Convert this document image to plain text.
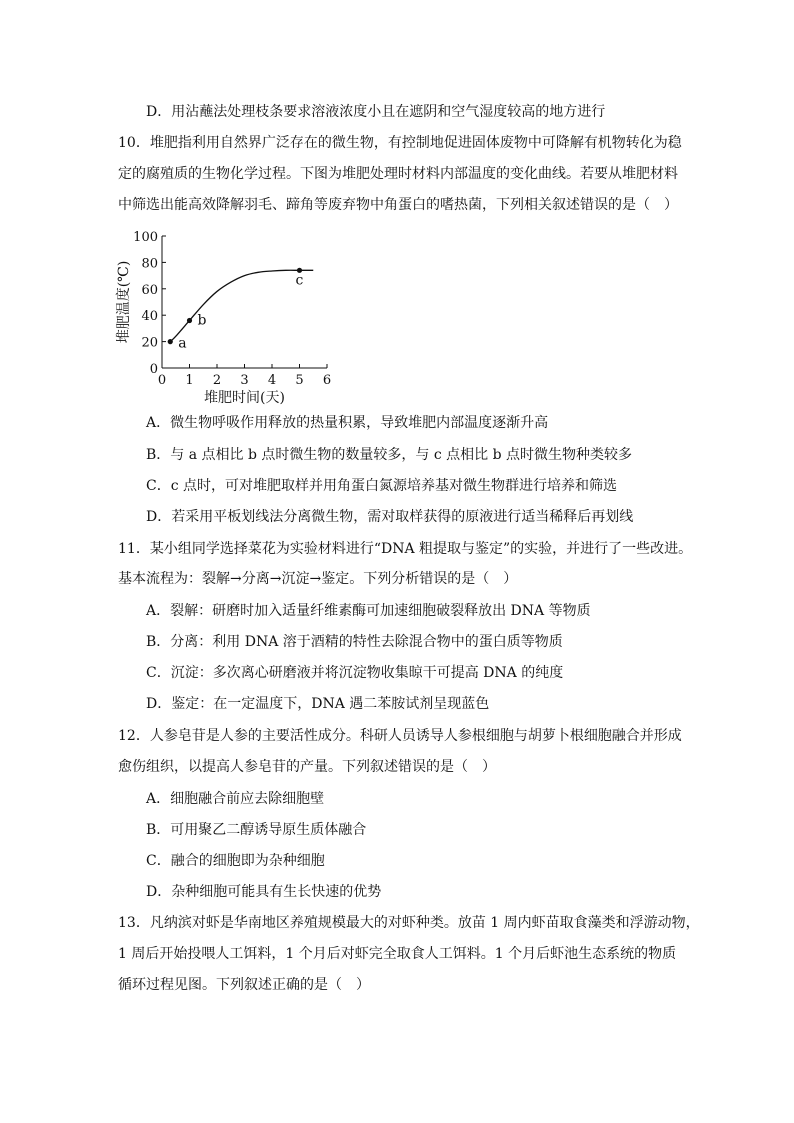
D．用沾蘸法处理枝条要求溶液浓度小且在遮阴和空气湿度较高的地方进行
10．堆肥指利用自然界广泛存在的微生物，有控制地促进固体废物中可降解有机物转化为稳
定的腐殖质的生物化学过程。下图为堆肥处理时材料内部温度的变化曲线。若要从堆肥材料
中筛选出能高效降解羽毛、蹄角等废弃物中角蛋白的嗜热菌，下列相关叙述错误的是（　）
0 1 2 3 4 5 6
0
20
40
60
80
100
a
b
c
堆肥时间(天)
堆肥温度(℃)
A．微生物呼吸作用释放的热量积累，导致堆肥内部温度逐渐升高
B．与 a 点相比 b 点时微生物的数量较多，与 c 点相比 b 点时微生物种类较多
C．c 点时，可对堆肥取样并用角蛋白氮源培养基对微生物群进行培养和筛选
D．若采用平板划线法分离微生物，需对取样获得的原液进行适当稀释后再划线
11．某小组同学选择菜花为实验材料进行“DNA 粗提取与鉴定”的实验，并进行了一些改进。
基本流程为：裂解→分离→沉淀→鉴定。下列分析错误的是（　）
A．裂解：研磨时加入适量纤维素酶可加速细胞破裂释放出 DNA 等物质
B．分离：利用 DNA 溶于酒精的特性去除混合物中的蛋白质等物质
C．沉淀：多次离心研磨液并将沉淀物收集晾干可提高 DNA 的纯度
D．鉴定：在一定温度下，DNA 遇二苯胺试剂呈现蓝色
12．人参皂苷是人参的主要活性成分。科研人员诱导人参根细胞与胡萝卜根细胞融合并形成
愈伤组织，以提高人参皂苷的产量。下列叙述错误的是（　）
A．细胞融合前应去除细胞壁
B．可用聚乙二醇诱导原生质体融合
C．融合的细胞即为杂种细胞
D．杂种细胞可能具有生长快速的优势
13．凡纳滨对虾是华南地区养殖规模最大的对虾种类。放苗 1 周内虾苗取食藻类和浮游动物，
1 周后开始投喂人工饵料，1 个月后对虾完全取食人工饵料。1 个月后虾池生态系统的物质
循环过程见图。下列叙述正确的是（　）
